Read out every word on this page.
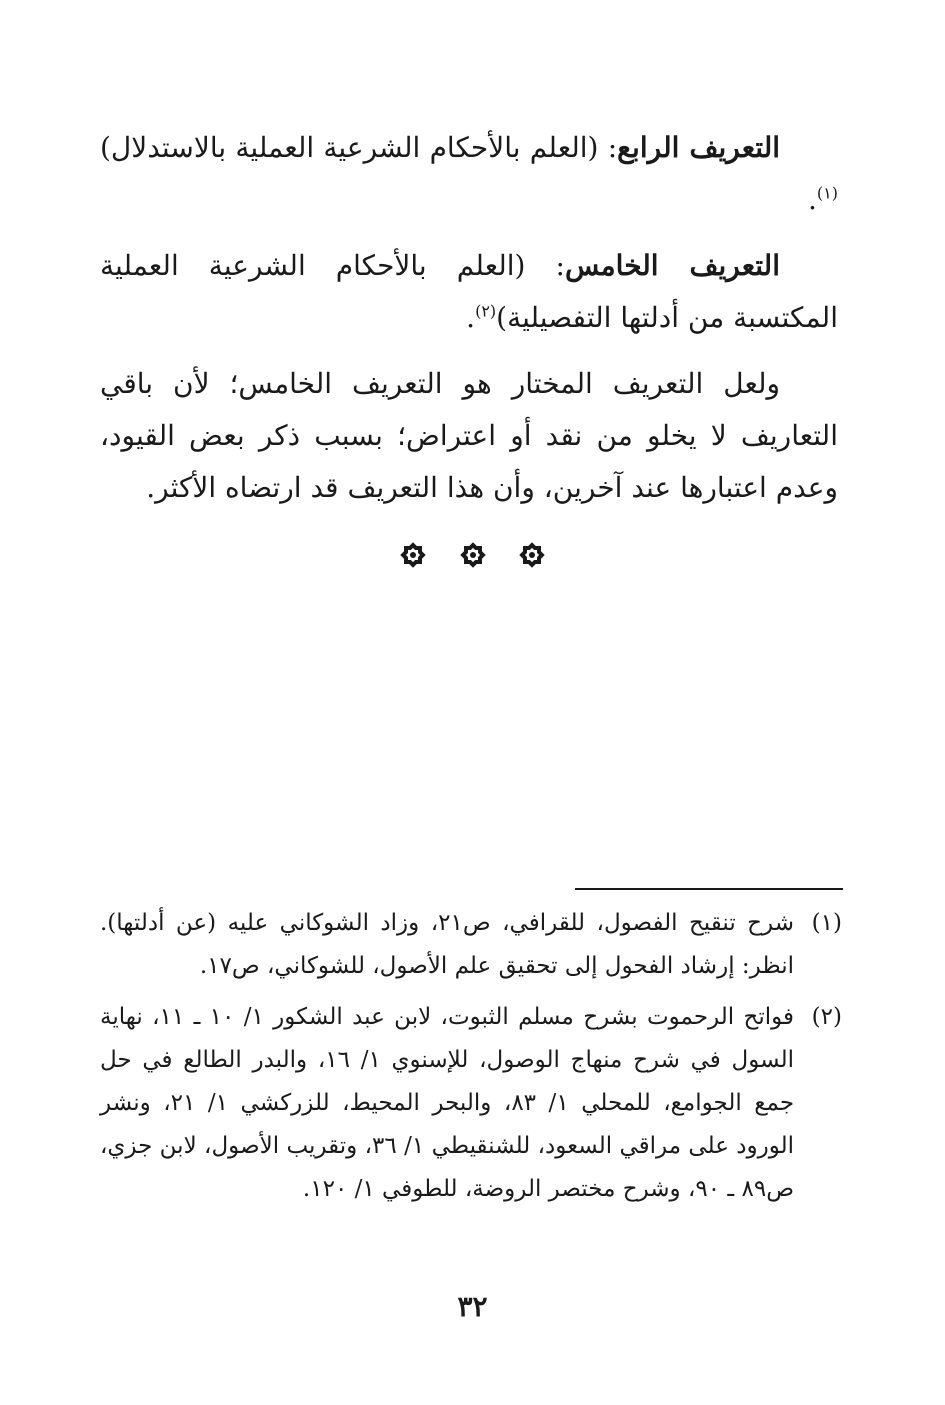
التعريف الرابع: (العلم بالأحكام الشرعية العملية بالاستدلال)$^{(١)}$.

التعريف الخامس: (العلم بالأحكام الشرعية العملية المكتسبة من أدلتها التفصيلية)$^{(٢)}$.

ولعل التعريف المختار هو التعريف الخامس؛ لأن باقي التعاريف لا يخلو من نقد أو اعتراض؛ بسبب ذكر بعض القيود، وعدم اعتبارها عند آخرين، وأن هذا التعريف قد ارتضاه الأكثر.

(١)
شرح تنقيح الفصول، للقرافي، ص٢١، وزاد الشوكاني عليه (عن أدلتها). انظر: إرشاد الفحول إلى تحقيق علم الأصول، للشوكاني، ص١٧.
(٢)
فواتح الرحموت بشرح مسلم الثبوت، لابن عبد الشكور ١/ ١٠ ـ ١١، نهاية السول في شرح منهاج الوصول، للإسنوي ١/ ١٦، والبدر الطالع في حل جمع الجوامع، للمحلي ١/ ٨٣، والبحر المحيط، للزركشي ١/ ٢١، ونشر الورود على مراقي السعود، للشنقيطي ١/ ٣٦، وتقريب الأصول، لابن جزي، ص٨٩ ـ ٩٠، وشرح مختصر الروضة، للطوفي ١/ ١٢٠.
٣٢
